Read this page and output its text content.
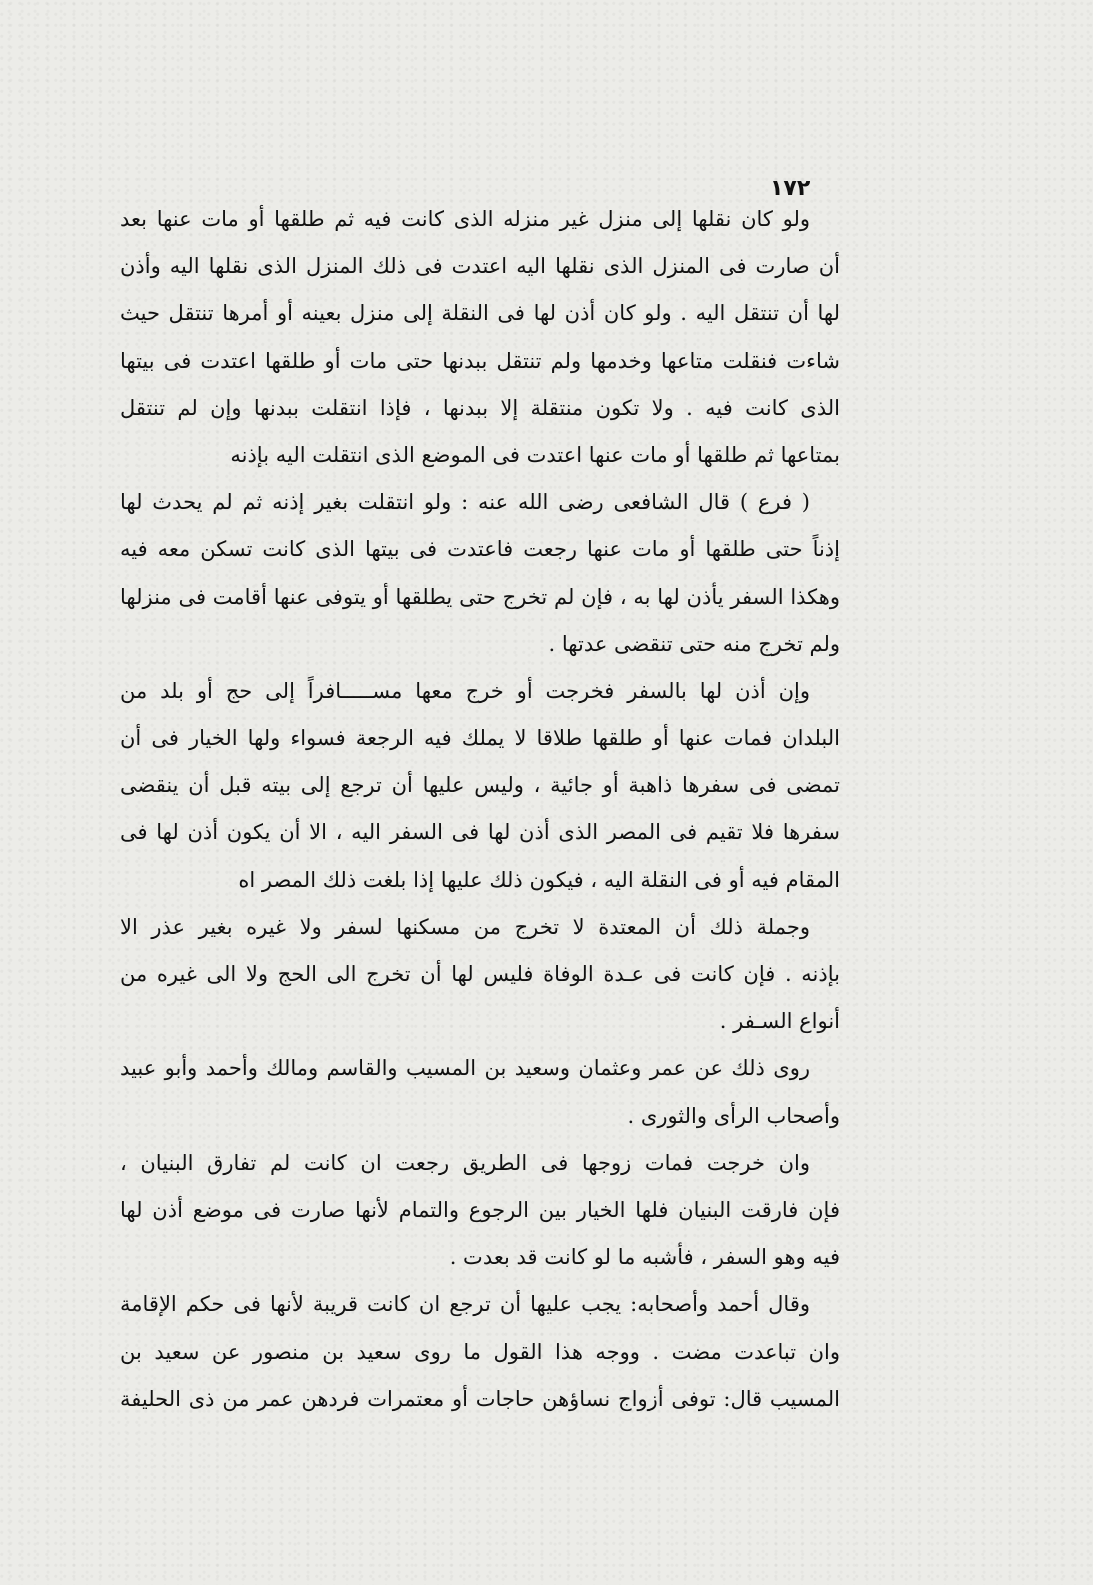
١٧٢
ولو كان نقلها إلى منزل غير منزله الذى كانت فيه ثم طلقها أو مات عنها بعد
أن صارت فى المنزل الذى نقلها اليه اعتدت فى ذلك المنزل الذى نقلها اليه وأذن
لها أن تنتقل اليه . ولو كان أذن لها فى النقلة إلى منزل بعينه أو أمرها تنتقل حيث
شاءت فنقلت متاعها وخدمها ولم تنتقل ببدنها حتى مات أو طلقها اعتدت فى بيتها
الذى كانت فيه . ولا تكون منتقلة إلا ببدنها ، فإذا انتقلت ببدنها وإن لم تنتقل
بمتاعها ثم طلقها أو مات عنها اعتدت فى الموضع الذى انتقلت اليه بإذنه
( فرع ) قال الشافعى رضى الله عنه : ولو انتقلت بغير إذنه ثم لم يحدث لها
إذناً حتى طلقها أو مات عنها رجعت فاعتدت فى بيتها الذى كانت تسكن معه فيه
وهكذا السفر يأذن لها به ، فإن لم تخرج حتى يطلقها أو يتوفى عنها أقامت فى منزلها
ولم تخرج منه حتى تنقضى عدتها .
وإن أذن لها بالسفر فخرجت أو خرج معها مســـــافراً إلى حج أو بلد من
البلدان فمات عنها أو طلقها طلاقا لا يملك فيه الرجعة فسواء ولها الخيار فى أن
تمضى فى سفرها ذاهبة أو جائية ، وليس عليها أن ترجع إلى بيته قبل أن ينقضى
سفرها فلا تقيم فى المصر الذى أذن لها فى السفر اليه ، الا أن يكون أذن لها فى
المقام فيه أو فى النقلة اليه ، فيكون ذلك عليها إذا بلغت ذلك المصر اه
وجملة ذلك أن المعتدة لا تخرج من مسكنها لسفر ولا غيره بغير عذر الا
بإذنه . فإن كانت فى عـدة الوفاة فليس لها أن تخرج الى الحج ولا الى غيره من
أنواع السـفر .
روى ذلك عن عمر وعثمان وسعيد بن المسيب والقاسم ومالك وأحمد وأبو عبيد
وأصحاب الرأى والثورى .
وان خرجت فمات زوجها فى الطريق رجعت ان كانت لم تفارق البنيان ،
فإن فارقت البنيان فلها الخيار بين الرجوع والتمام لأنها صارت فى موضع أذن لها
فيه وهو السفر ، فأشبه ما لو كانت قد بعدت .
وقال أحمد وأصحابه: يجب عليها أن ترجع ان كانت قريبة لأنها فى حكم الإقامة
وان تباعدت مضت . ووجه هذا القول ما روى سعيد بن منصور عن سعيد بن
المسيب قال: توفى أزواج نساؤهن حاجات أو معتمرات فردهن عمر من ذى الحليفة
